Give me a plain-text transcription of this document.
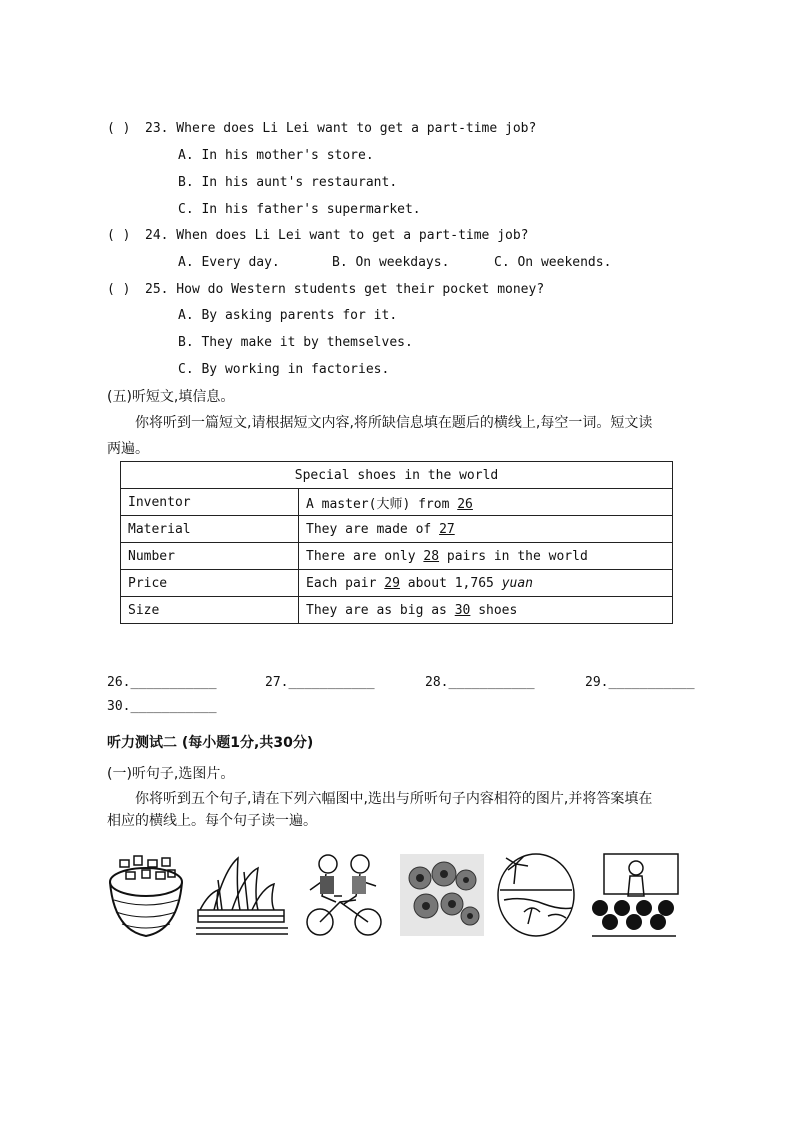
( ) 23. Where does Li Lei want to get a part-time job?
A. In his mother's store.
B. In his aunt's restaurant.
C. In his father's supermarket.
( ) 24. When does Li Lei want to get a part-time job?
A. Every day.	B. On weekdays.	C. On weekends.
( ) 25. How do Western students get their pocket money?
A. By asking parents for it.
B. They make it by themselves.
C. By working in factories.
(五)听短文,填信息。
你将听到一篇短文,请根据短文内容,将所缺信息填在题后的横线上,每空一词。短文读
两遍。
Special shoes in the world	
Inventor	A master(大师) from 26
Material	They are made of 27
Number	There are only 28 pairs in the world
Price	Each pair 29 about 1,765 yuan
Size	They are as big as 30 shoes
26.___________	27.___________	28.___________	29.___________
30.___________
听力测试二 (每小题1分,共30分)
(一)听句子,选图片。
你将听到五个句子,请在下列六幅图中,选出与所听句子内容相符的图片,并将答案填在
相应的横线上。每个句子读一遍。
